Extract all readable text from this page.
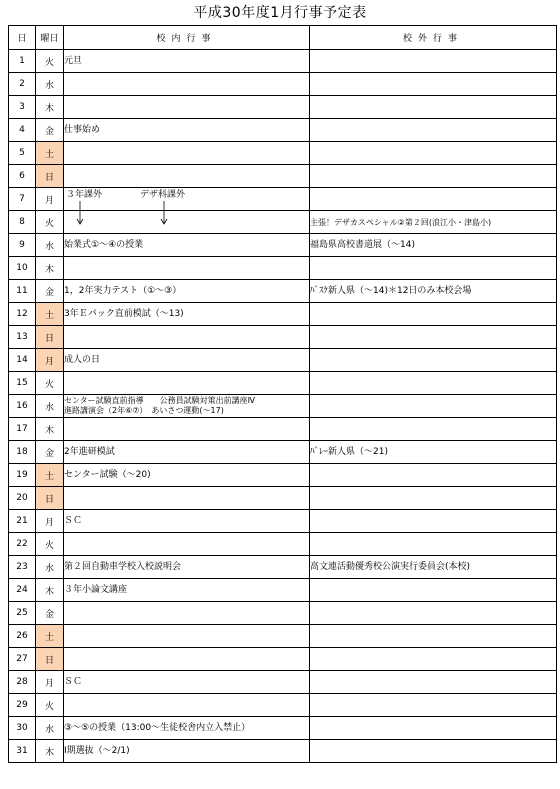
平成30年度1月行事予定表
日	曜日	校内行事	校外行事
1	火	元旦	
2	水		
3	木		
4	金	仕事始め	
5	土		
6	日		
7	月	３年課外 デザ科課外	

8	火		主張！デザカスペシャル②第２回(浪江小・津島小)
9	水	始業式①～④の授業	福島県高校書道展（～14)
10	木		
11	金	1，2年実力テスト（①～③）	ﾊﾞｽｹ新人県（～14)＊12日のみ本校会場
12	土	3年Ｅパック直前模試（～13)	
13	日		
14	月	成人の日	
15	火		
16	水	センター試験直前指導　　公務員試験対策出前講座Ⅳ
進路講演会（2年⑥⑦）　あいさつ運動(～17)	

17	木		
18	金	2年進研模試	ﾊﾞﾚｰ新人県（～21)
19	土	センター試験（～20)	
20	日		
21	月	ＳＣ	
22	火		
23	水	第２回自動車学校入校説明会	高文連活動優秀校公演実行委員会(本校)
24	木	３年小論文講座	
25	金		
26	土		
27	日		
28	月	ＳＣ	
29	火		
30	水	③～⑤の授業（13:00～生徒校舎内立入禁止）	
31	木	Ⅰ期選抜（～2/1)	
